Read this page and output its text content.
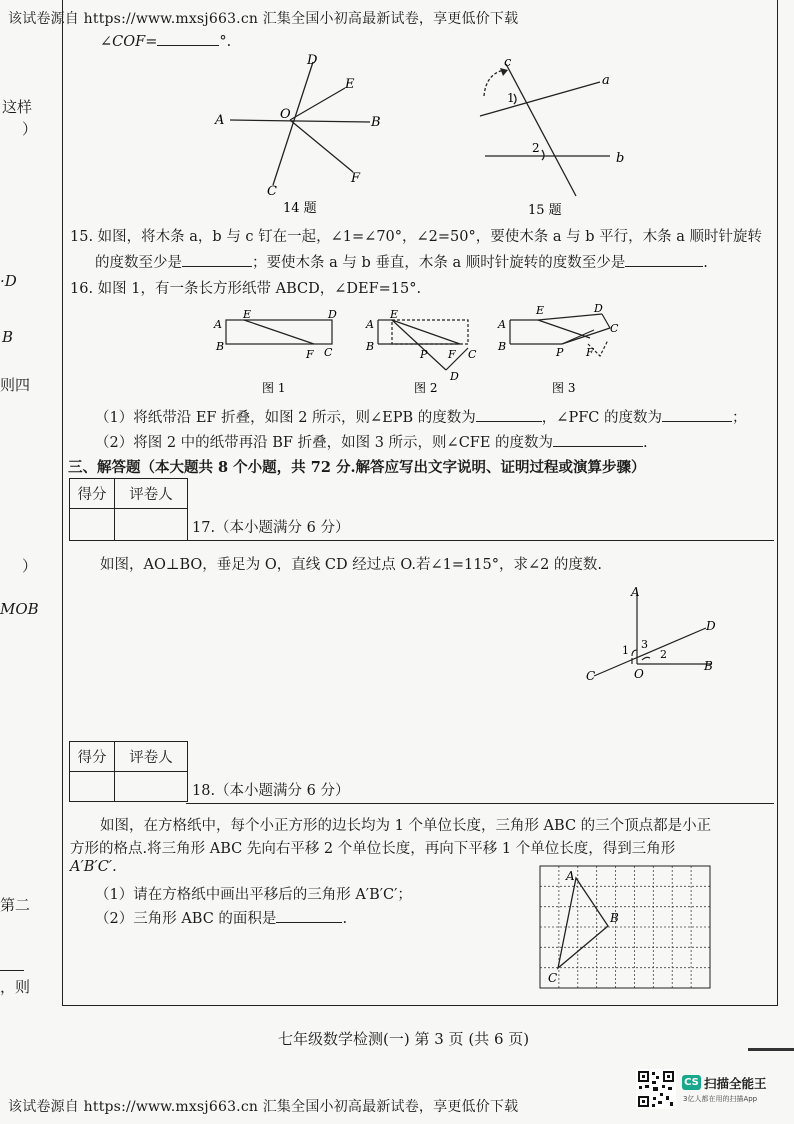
该试卷源自 https://www.mxsj663.cn 汇集全国小初高最新试卷，享更低价下载
这样
）
·D
B
则四
）
MOB
第二
，则
∠COF=	°.
A	B
C
D
E
F
O
14 题
a
b
c
1
2
15 题
15. 如图，将木条 a，b 与 c 钉在一起，∠1=∠70°，∠2=50°，要使木条 a 与 b 平行，木条 a 顺时针旋转
的度数至少是	；要使木条 a 与 b 垂直，木条 a 顺时针旋转的度数至少是	.
16. 如图 1，有一条长方形纸带 ABCD，∠DEF=15°.
A
E	D
B
F C
图 1
A
E
B
P F C
D
图 2
A
E	D
C
B	P F
图 3
（1）将纸带沿 EF 折叠，如图 2 所示，则∠EPB 的度数为	，∠PFC 的度数为	；
（2）将图 2 中的纸带再沿 BF 折叠，如图 3 所示，则∠CFE 的度数为	.
三、解答题（本大题共 8 个小题，共 72 分.解答应写出文字说明、证明过程或演算步骤）
得分	评卷人

17.（本小题满分 6 分）
如图，AO⊥BO，垂足为 O，直线 CD 经过点 O.若∠1=115°，求∠2 的度数.
A
B
C
D
O
1	2
3
得分	评卷人

18.（本小题满分 6 分）
如图，在方格纸中，每个小正方形的边长均为 1 个单位长度，三角形 ABC 的三个顶点都是小正
方形的格点.将三角形 ABC 先向右平移 2 个单位长度，再向下平移 1 个单位长度，得到三角形
A′B′C′.
（1）请在方格纸中画出平移后的三角形 A′B′C′；
（2）三角形 ABC 的面积是	.
A
B
C
七年级数学检测(一) 第 3 页 (共 6 页)
该试卷源自 https://www.mxsj663.cn 汇集全国小初高最新试卷，享更低价下载
CS 扫描全能王
3亿人都在用的扫描App
